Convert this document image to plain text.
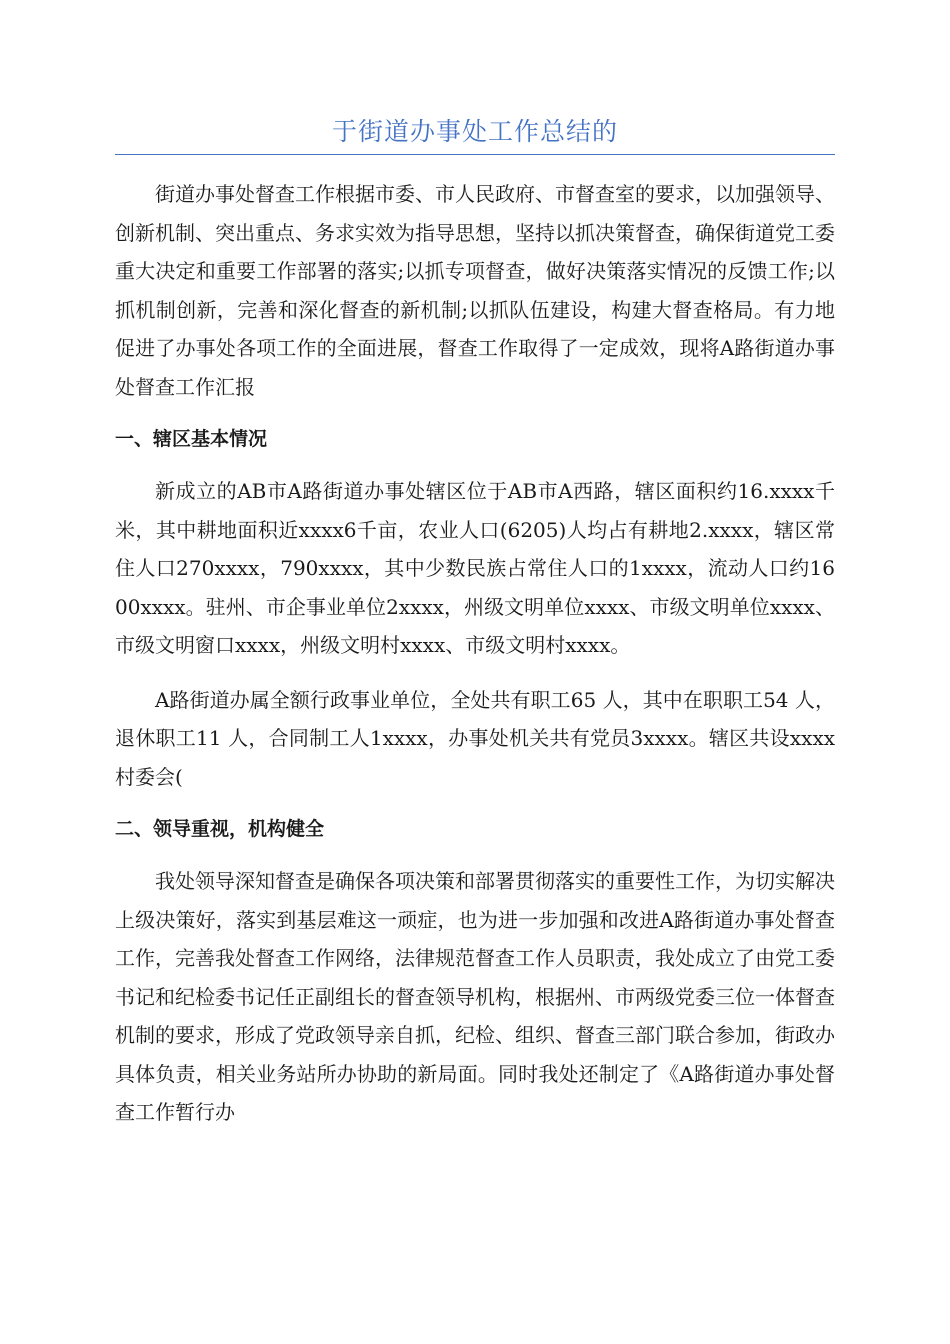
于街道办事处工作总结的

街道办事处督查工作根据市委、市人民政府、市督查室的要求，以加强领导、创新机制、突出重点、务求实效为指导思想，坚持以抓决策督查，确保街道党工委重大决定和重要工作部署的落实;以抓专项督查，做好决策落实情况的反馈工作;以抓机制创新，完善和深化督查的新机制;以抓队伍建设，构建大督查格局。有力地促进了办事处各项工作的全面进展，督查工作取得了一定成效，现将A路街道办事处督查工作汇报

一、辖区基本情况

新成立的AB市A路街道办事处辖区位于AB市A西路，辖区面积约16.xxxx千米，其中耕地面积近xxxx6千亩，农业人口(6205)人均占有耕地2.xxxx，辖区常住人口270xxxx，790xxxx，其中少数民族占常住人口的1xxxx，流动人口约1600xxxx。驻州、市企事业单位2xxxx，州级文明单位xxxx、市级文明单位xxxx、市级文明窗口xxxx，州级文明村xxxx、市级文明村xxxx。

A路街道办属全额行政事业单位，全处共有职工65 人，其中在职职工54 人，退休职工11 人，合同制工人1xxxx，办事处机关共有党员3xxxx。辖区共设xxxx村委会(

二、领导重视，机构健全

我处领导深知督查是确保各项决策和部署贯彻落实的重要性工作，为切实解决上级决策好，落实到基层难这一顽症，也为进一步加强和改进A路街道办事处督查工作，完善我处督查工作网络，法律规范督查工作人员职责，我处成立了由党工委书记和纪检委书记任正副组长的督查领导机构，根据州、市两级党委三位一体督查机制的要求，形成了党政领导亲自抓，纪检、组织、督查三部门联合参加，街政办具体负责，相关业务站所办协助的新局面。同时我处还制定了《A路街道办事处督查工作暂行办
